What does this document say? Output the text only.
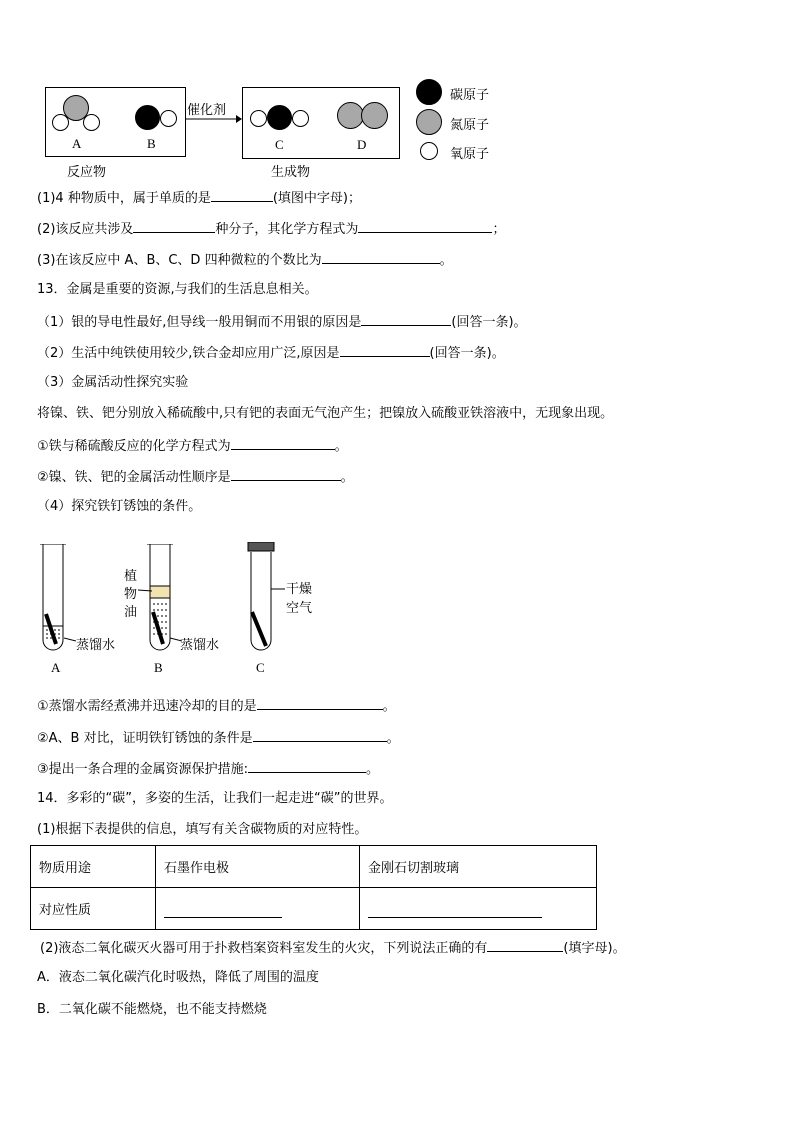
A	B
反应物
催化剂
C	D
生成物
碳原子
氮原子
氧原子
(1)4 种物质中，属于单质的是	(填图中字母)；
(2)该反应共涉及	种分子，其化学方程式为	；
(3)在该反应中 A、B、C、D 四种微粒的个数比为	。
13．金属是重要的资源,与我们的生活息息相关。
（1）银的导电性最好,但导线一般用铜而不用银的原因是	(回答一条)。
（2）生活中纯铁使用较少,铁合金却应用广泛,原因是	(回答一条)。
（3）金属活动性探究实验
将镍、铁、钯分别放入稀硫酸中,只有钯的表面无气泡产生；把镍放入硫酸亚铁溶液中，无现象出现。
①铁与稀硫酸反应的化学方程式为	。
②镍、铁、钯的金属活动性顺序是	。
（4）探究铁钉锈蚀的条件。
蒸馏水
A
植
物
油
蒸馏水
B
干燥
空气
C
①蒸馏水需经煮沸并迅速冷却的目的是	。
②A、B 对比，证明铁钉锈蚀的条件是	。
③提出一条合理的金属资源保护措施:	。
14．多彩的“碳”，多姿的生活，让我们一起走进“碳”的世界。
(1)根据下表提供的信息，填写有关含碳物质的对应特性。
物质用途	石墨作电极	金刚石切割玻璃
对应性质		
(2)液态二氧化碳灭火器可用于扑救档案资料室发生的火灾，下列说法正确的有	(填字母)。
A．液态二氧化碳汽化时吸热，降低了周围的温度
B．二氧化碳不能燃烧，也不能支持燃烧
